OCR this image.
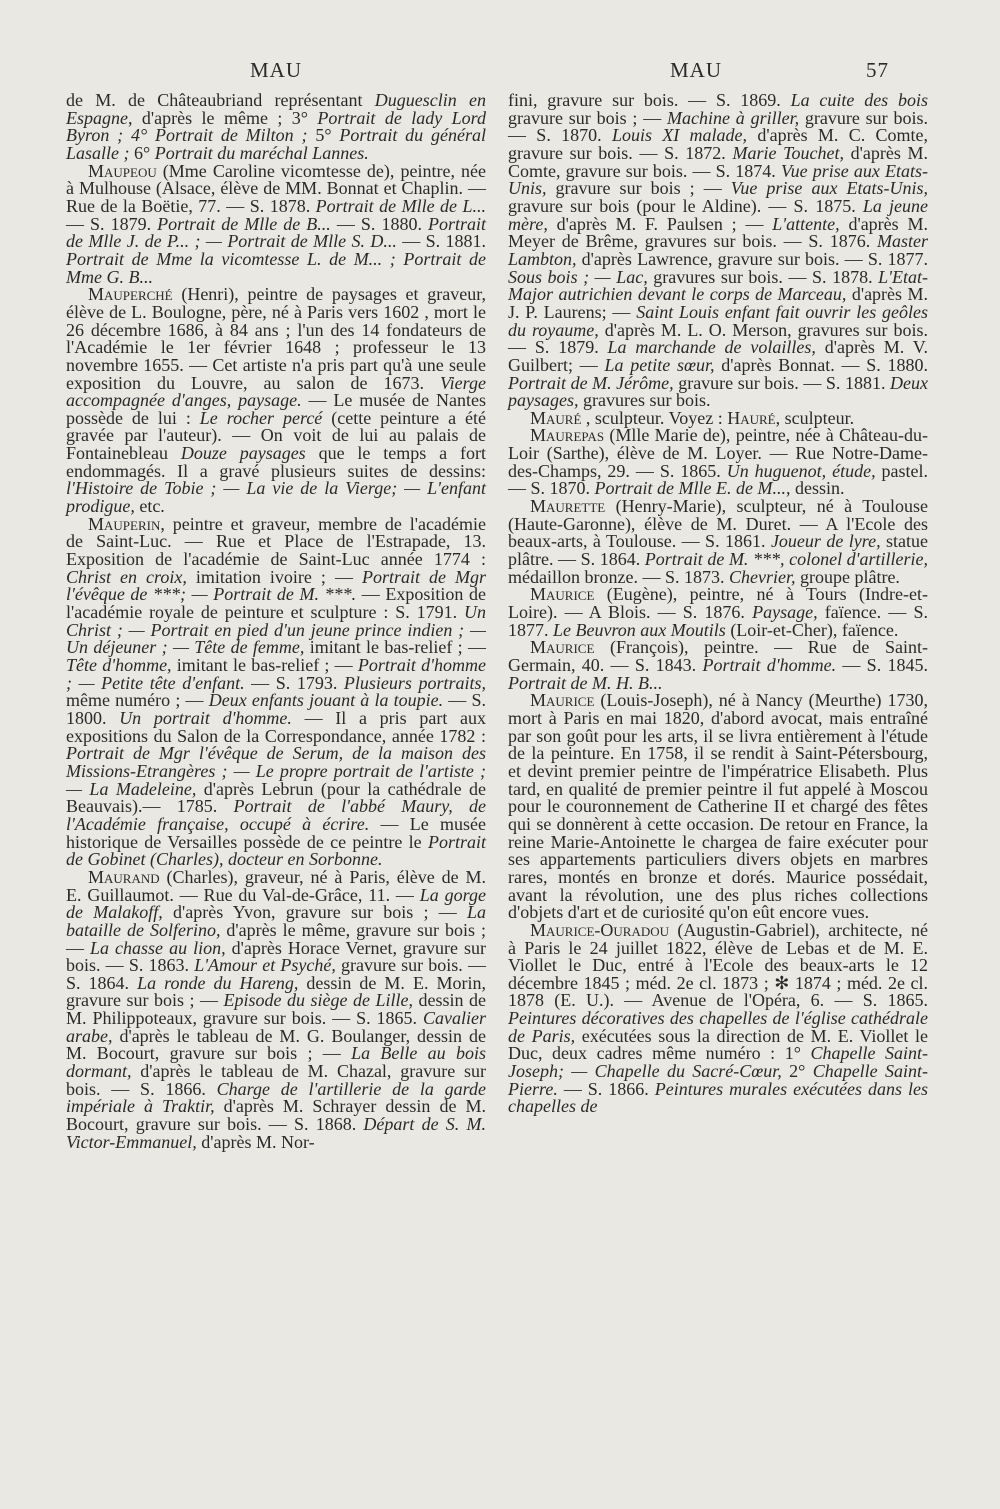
MAU	MAU	57

de M. de Châteaubriand représentant Duguesclin en Espagne, d'après le même ; 3° Portrait de lady Lord Byron ; 4° Portrait de Milton ; 5° Portrait du général Lasalle ; 6° Portrait du maréchal Lannes.

Maupeou (Mme Caroline vicomtesse de), peintre, née à Mulhouse (Alsace, élève de MM. Bonnat et Chaplin. — Rue de la Boëtie, 77. — S. 1878. Portrait de Mlle de L... — S. 1879. Portrait de Mlle de B... — S. 1880. Portrait de Mlle J. de P... ; — Portrait de Mlle S. D... — S. 1881. Portrait de Mme la vicomtesse L. de M... ; Portrait de Mme G. B...

Mauperché (Henri), peintre de paysages et graveur, élève de L. Boulogne, père, né à Paris vers 1602 , mort le 26 décembre 1686, à 84 ans ; l'un des 14 fondateurs de l'Académie le 1er février 1648 ; professeur le 13 novembre 1655. — Cet artiste n'a pris part qu'à une seule exposition du Louvre, au salon de 1673. Vierge accompagnée d'anges, paysage. — Le musée de Nantes possède de lui : Le rocher percé (cette peinture a été gravée par l'auteur). — On voit de lui au palais de Fontainebleau Douze paysages que le temps a fort endommagés. Il a gravé plusieurs suites de dessins: l'Histoire de Tobie ; — La vie de la Vierge; — L'enfant prodigue, etc.

Mauperin, peintre et graveur, membre de l'académie de Saint-Luc. — Rue et Place de l'Estrapade, 13. Exposition de l'académie de Saint-Luc année 1774 : Christ en croix, imitation ivoire ; — Portrait de Mgr l'évêque de ***; — Portrait de M. ***. — Exposition de l'académie royale de peinture et sculpture : S. 1791. Un Christ ; — Portrait en pied d'un jeune prince indien ; — Un déjeuner ; — Tête de femme, imitant le bas-relief ; — Tête d'homme, imitant le bas-relief ; — Portrait d'homme ; — Petite tête d'enfant. — S. 1793. Plusieurs portraits, même numéro ; — Deux enfants jouant à la toupie. — S. 1800. Un portrait d'homme. — Il a pris part aux expositions du Salon de la Correspondance, année 1782 : Portrait de Mgr l'évêque de Serum, de la maison des Missions-Etrangères ; — Le propre portrait de l'artiste ; — La Madeleine, d'après Lebrun (pour la cathédrale de Beauvais).— 1785. Portrait de l'abbé Maury, de l'Académie française, occupé à écrire. — Le musée historique de Versailles possède de ce peintre le Portrait de Gobinet (Charles), docteur en Sorbonne.

Maurand (Charles), graveur, né à Paris, élève de M. E. Guillaumot. — Rue du Val-de-Grâce, 11. — La gorge de Malakoff, d'après Yvon, gravure sur bois ; — La bataille de Solferino, d'après le même, gravure sur bois ; — La chasse au lion, d'après Horace Vernet, gravure sur bois. — S. 1863. L'Amour et Psyché, gravure sur bois. — S. 1864. La ronde du Hareng, dessin de M. E. Morin, gravure sur bois ; — Episode du siège de Lille, dessin de M. Philippoteaux, gravure sur bois. — S. 1865. Cavalier arabe, d'après le tableau de M. G. Boulanger, dessin de M. Bocourt, gravure sur bois ; — La Belle au bois dormant, d'après le tableau de M. Chazal, gravure sur bois. — S. 1866. Charge de l'artillerie de la garde impériale à Traktir, d'après M. Schrayer dessin de M. Bocourt, gravure sur bois. — S. 1868. Départ de S. M. Victor-Emmanuel, d'après M. Nor-

fini, gravure sur bois. — S. 1869. La cuite des bois gravure sur bois ; — Machine à griller, gravure sur bois. — S. 1870. Louis XI malade, d'après M. C. Comte, gravure sur bois. — S. 1872. Marie Touchet, d'après M. Comte, gravure sur bois. — S. 1874. Vue prise aux Etats-Unis, gravure sur bois ; — Vue prise aux Etats-Unis, gravure sur bois (pour le Aldine). — S. 1875. La jeune mère, d'après M. F. Paulsen ; — L'attente, d'après M. Meyer de Brême, gravures sur bois. — S. 1876. Master Lambton, d'après Lawrence, gravure sur bois. — S. 1877. Sous bois ; — Lac, gravures sur bois. — S. 1878. L'Etat-Major autrichien devant le corps de Marceau, d'après M. J. P. Laurens; — Saint Louis enfant fait ouvrir les geôles du royaume, d'après M. L. O. Merson, gravures sur bois. — S. 1879. La marchande de volailles, d'après M. V. Guilbert; — La petite sœur, d'après Bonnat. — S. 1880. Portrait de M. Jérôme, gravure sur bois. — S. 1881. Deux paysages, gravures sur bois.

Mauré , sculpteur. Voyez : Hauré, sculpteur.

Maurepas (Mlle Marie de), peintre, née à Château-du-Loir (Sarthe), élève de M. Loyer. — Rue Notre-Dame-des-Champs, 29. — S. 1865. Un huguenot, étude, pastel. — S. 1870. Portrait de Mlle E. de M..., dessin.

Maurette (Henry-Marie), sculpteur, né à Toulouse (Haute-Garonne), élève de M. Duret. — A l'Ecole des beaux-arts, à Toulouse. — S. 1861. Joueur de lyre, statue plâtre. — S. 1864. Portrait de M. ***, colonel d'artillerie, médaillon bronze. — S. 1873. Chevrier, groupe plâtre.

Maurice (Eugène), peintre, né à Tours (Indre-et-Loire). — A Blois. — S. 1876. Paysage, faïence. — S. 1877. Le Beuvron aux Moutils (Loir-et-Cher), faïence.

Maurice (François), peintre. — Rue de Saint-Germain, 40. — S. 1843. Portrait d'homme. — S. 1845. Portrait de M. H. B...

Maurice (Louis-Joseph), né à Nancy (Meurthe) 1730, mort à Paris en mai 1820, d'abord avocat, mais entraîné par son goût pour les arts, il se livra entièrement à l'étude de la peinture. En 1758, il se rendit à Saint-Pétersbourg, et devint premier peintre de l'impératrice Elisabeth. Plus tard, en qualité de premier peintre il fut appelé à Moscou pour le couronnement de Catherine II et chargé des fêtes qui se donnèrent à cette occasion. De retour en France, la reine Marie-Antoinette le chargea de faire exécuter pour ses appartements particuliers divers objets en marbres rares, montés en bronze et dorés. Maurice possédait, avant la révolution, une des plus riches collections d'objets d'art et de curiosité qu'on eût encore vues.

Maurice-Ouradou (Augustin-Gabriel), architecte, né à Paris le 24 juillet 1822, élève de Lebas et de M. E. Viollet le Duc, entré à l'Ecole des beaux-arts le 12 décembre 1845 ; méd. 2e cl. 1873 ; ✻ 1874 ; méd. 2e cl. 1878 (E. U.). — Avenue de l'Opéra, 6. — S. 1865. Peintures décoratives des chapelles de l'église cathédrale de Paris, exécutées sous la direction de M. E. Viollet le Duc, deux cadres même numéro : 1° Chapelle Saint-Joseph; — Chapelle du Sacré-Cœur, 2° Chapelle Saint-Pierre. — S. 1866. Peintures murales exécutées dans les chapelles de
